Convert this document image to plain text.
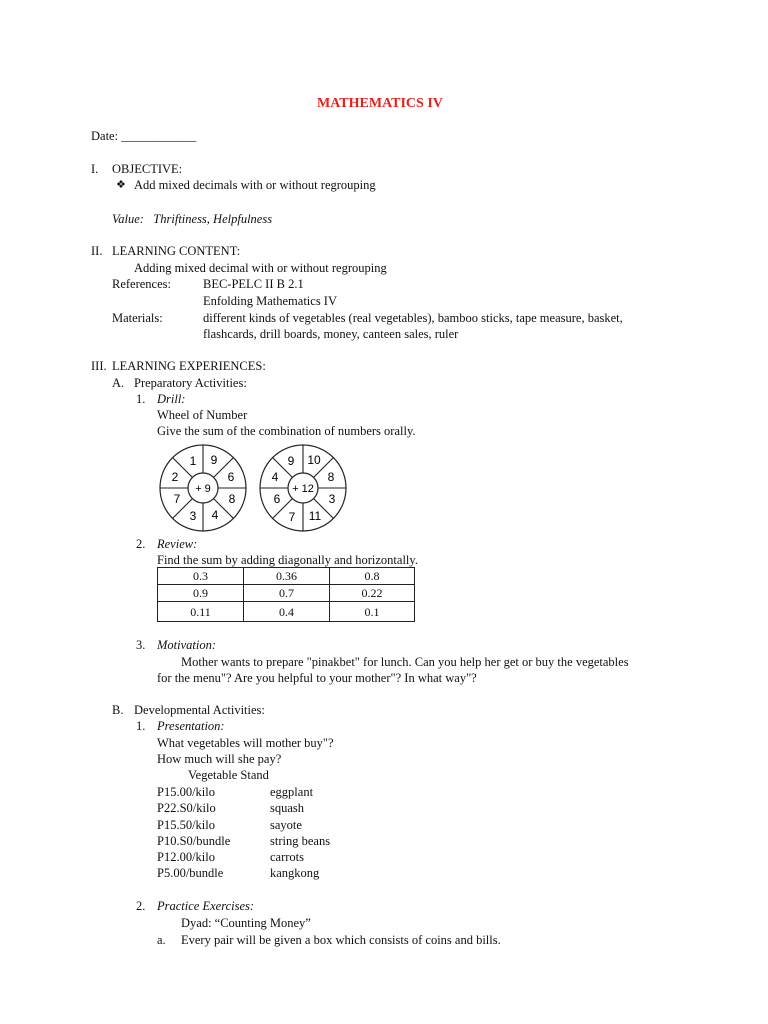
MATHEMATICS IV
Date: ____________
I. OBJECTIVE:
❖ Add mixed decimals with or without regrouping
Value:   Thriftiness, Helpfulness
II. LEARNING CONTENT:
Adding mixed decimal with or without regrouping
References:	BEC-PELC II B 2.1
Enfolding Mathematics IV
Materials:	different kinds of vegetables (real vegetables), bamboo sticks, tape measure, basket,
flashcards, drill boards, money, canteen sales, ruler
III. LEARNING EXPERIENCES:
A. Preparatory Activities:
1. Drill:
Wheel of Number
Give the sum of the combination of numbers orally.
+ 9
1 9
6
8
4
3
7
2
+ 12
9 10
8
3
11
7
6
4
2. Review:
Find the sum by adding diagonally and horizontally.
0.3	0.36	0.8
0.9	0.7	0.22
0.11	0.4	0.1
3. Motivation:
Mother wants to prepare "pinakbet" for lunch. Can you help her get or buy the vegetables
for the menu"? Are you helpful to your mother"? In what way"?
B. Developmental Activities:
1. Presentation:
What vegetables will mother buy"?
How much will she pay?
Vegetable Stand
P15.00/kilo	eggplant
P22.S0/kilo	squash
P15.50/kilo	sayote
P10.S0/bundle	string beans
P12.00/kilo	carrots
P5.00/bundle	kangkong
2. Practice Exercises:
Dyad: “Counting Money”
a. Every pair will be given a box which consists of coins and bills.
